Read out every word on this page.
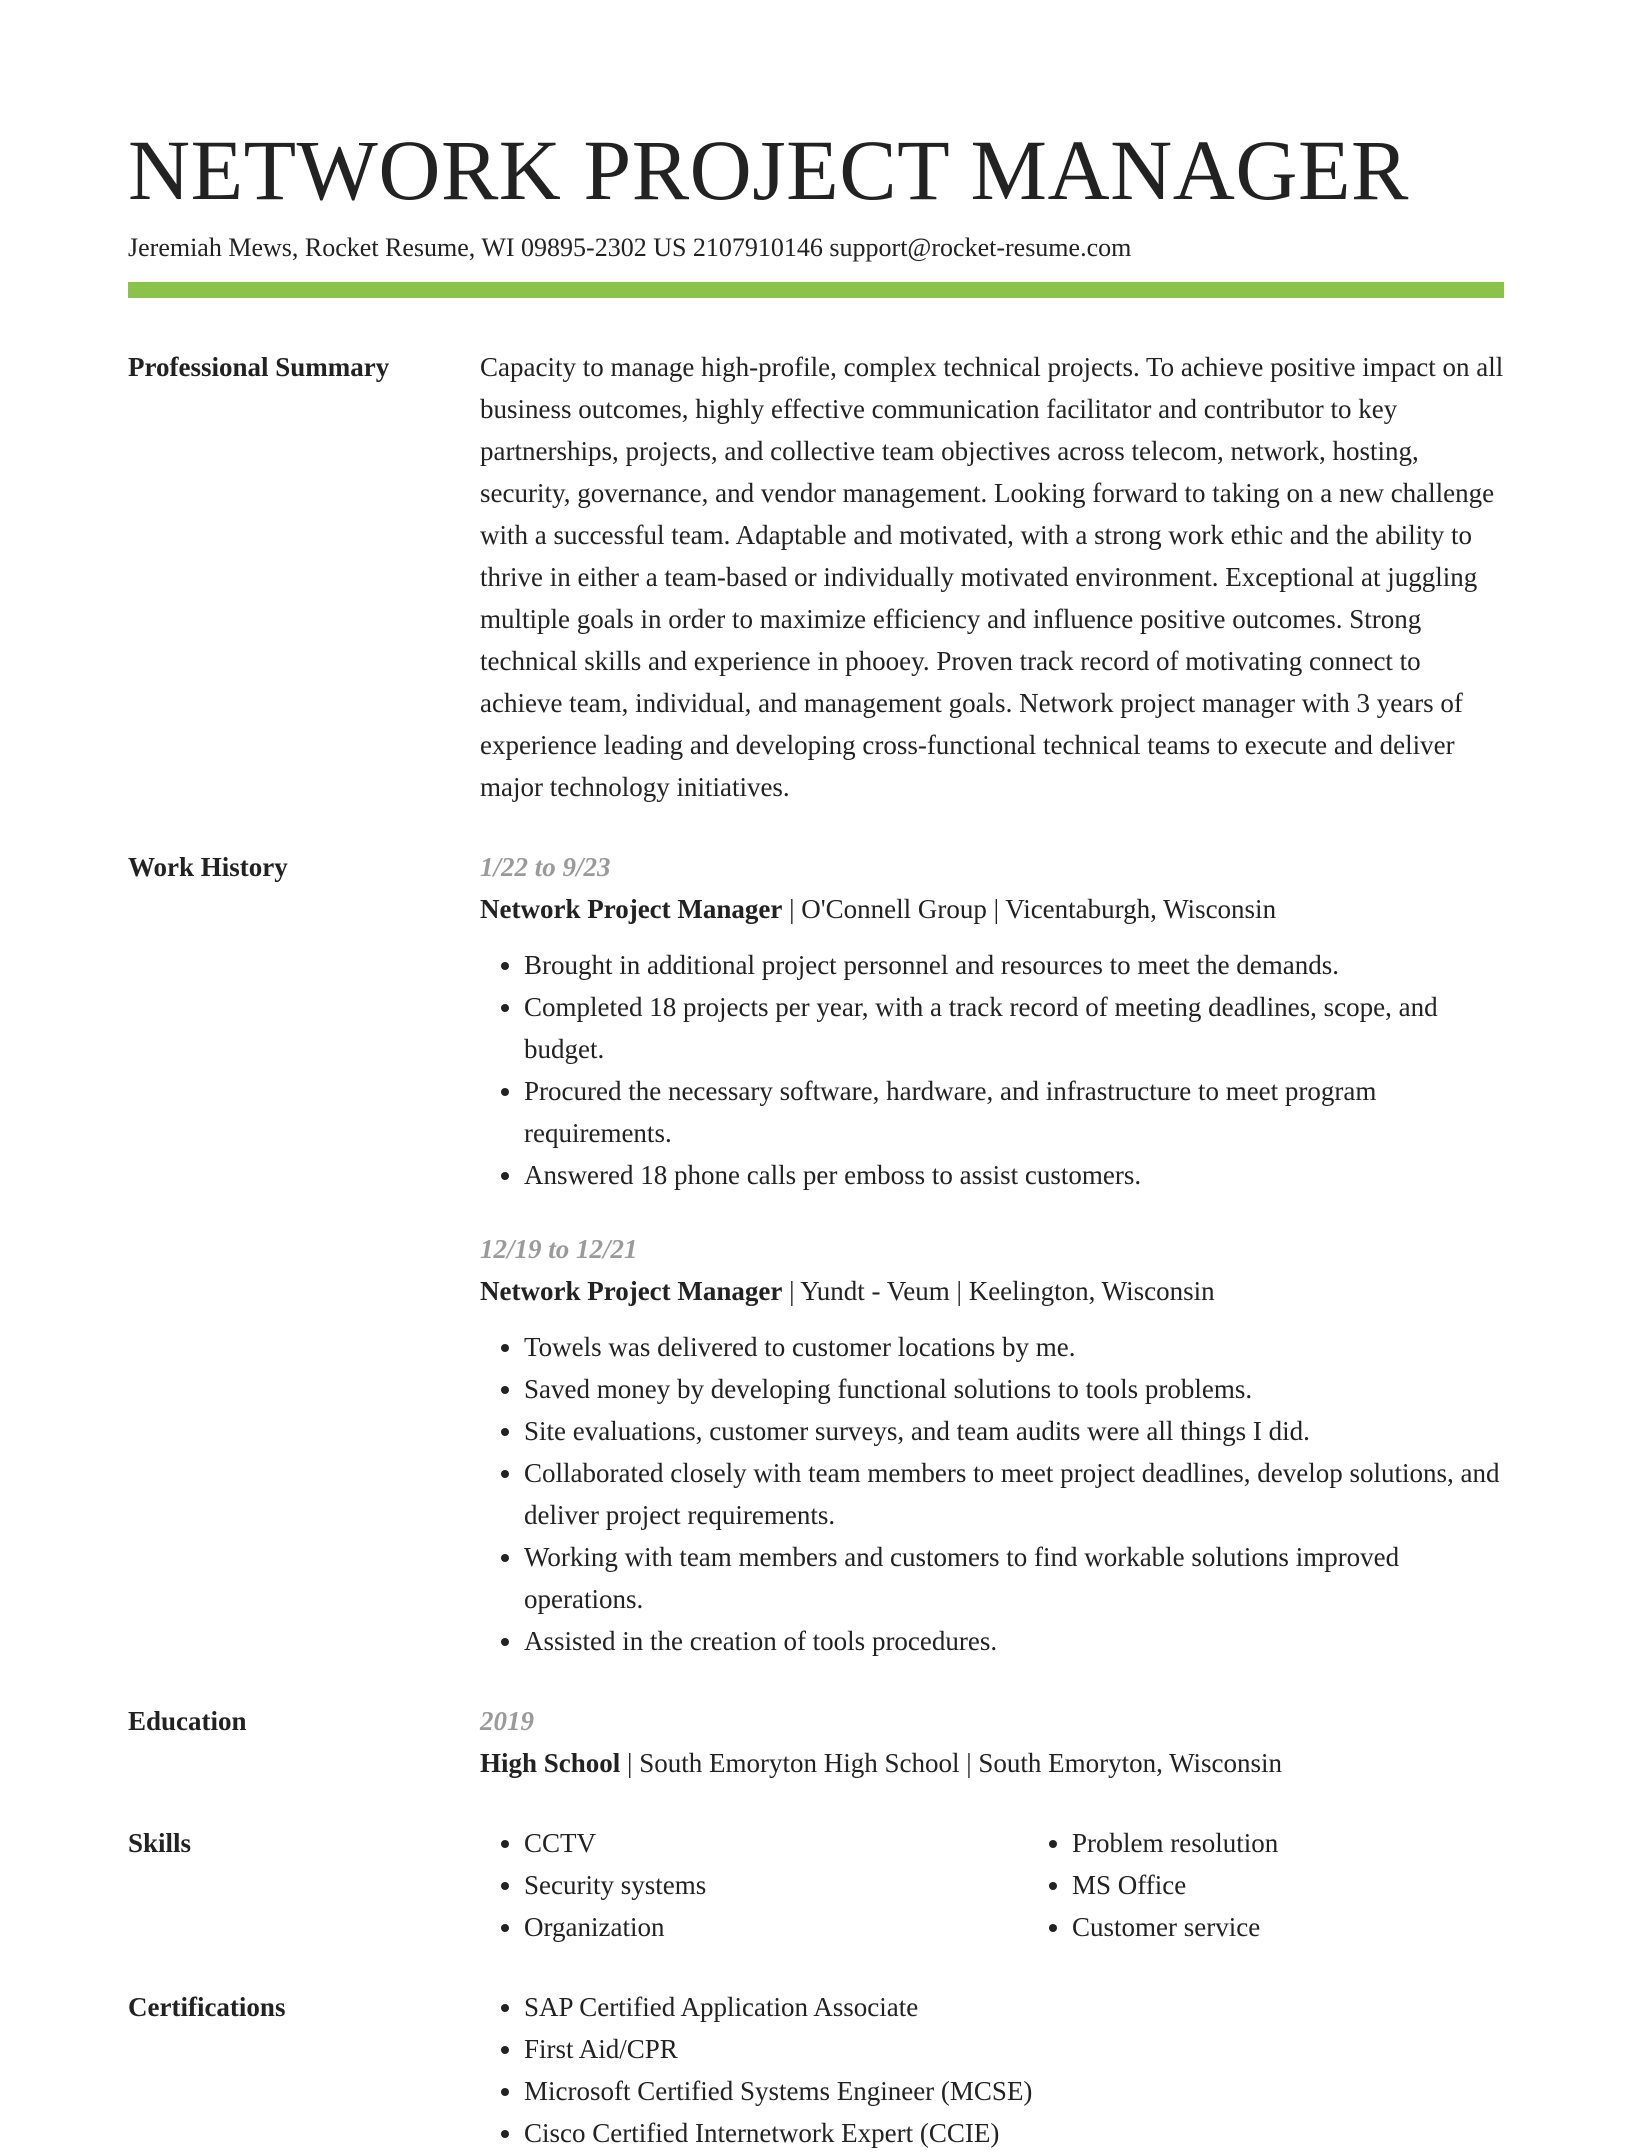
NETWORK PROJECT MANAGER
Jeremiah Mews, Rocket Resume, WI 09895-2302 US 2107910146 support@rocket-resume.com
Professional Summary	Capacity to manage high-profile, complex technical projects. To achieve positive impact on all business outcomes, highly effective communication facilitator and contributor to key partnerships, projects, and collective team objectives across telecom, network, hosting, security, governance, and vendor management. Looking forward to taking on a new challenge with a successful team. Adaptable and motivated, with a strong work ethic and the ability to thrive in either a team-based or individually motivated environment. Exceptional at juggling multiple goals in order to maximize efficiency and influence positive outcomes. Strong technical skills and experience in phooey. Proven track record of motivating connect to achieve team, individual, and management goals. Network project manager with 3 years of experience leading and developing cross-functional technical teams to execute and deliver major technology initiatives.

Work History	1/22 to 9/23
Network Project Manager | O'Connell Group | Vicentaburgh, Wisconsin
• Brought in additional project personnel and resources to meet the demands.
• Completed 18 projects per year, with a track record of meeting deadlines, scope, and budget.
• Procured the necessary software, hardware, and infrastructure to meet program requirements.
• Answered 18 phone calls per emboss to assist customers.
12/19 to 12/21
Network Project Manager | Yundt - Veum | Keelington, Wisconsin
• Towels was delivered to customer locations by me.
• Saved money by developing functional solutions to tools problems.
• Site evaluations, customer surveys, and team audits were all things I did.
• Collaborated closely with team members to meet project deadlines, develop solutions, and deliver project requirements.
• Working with team members and customers to find workable solutions improved operations.
• Assisted in the creation of tools procedures.
Education	2019
High School | South Emoryton High School | South Emoryton, Wisconsin
Skills	• CCTV
• Security systems
• Organization
• Problem resolution
• MS Office
• Customer service
Certifications	• SAP Certified Application Associate
• First Aid/CPR
• Microsoft Certified Systems Engineer (MCSE)
• Cisco Certified Internetwork Expert (CCIE)
